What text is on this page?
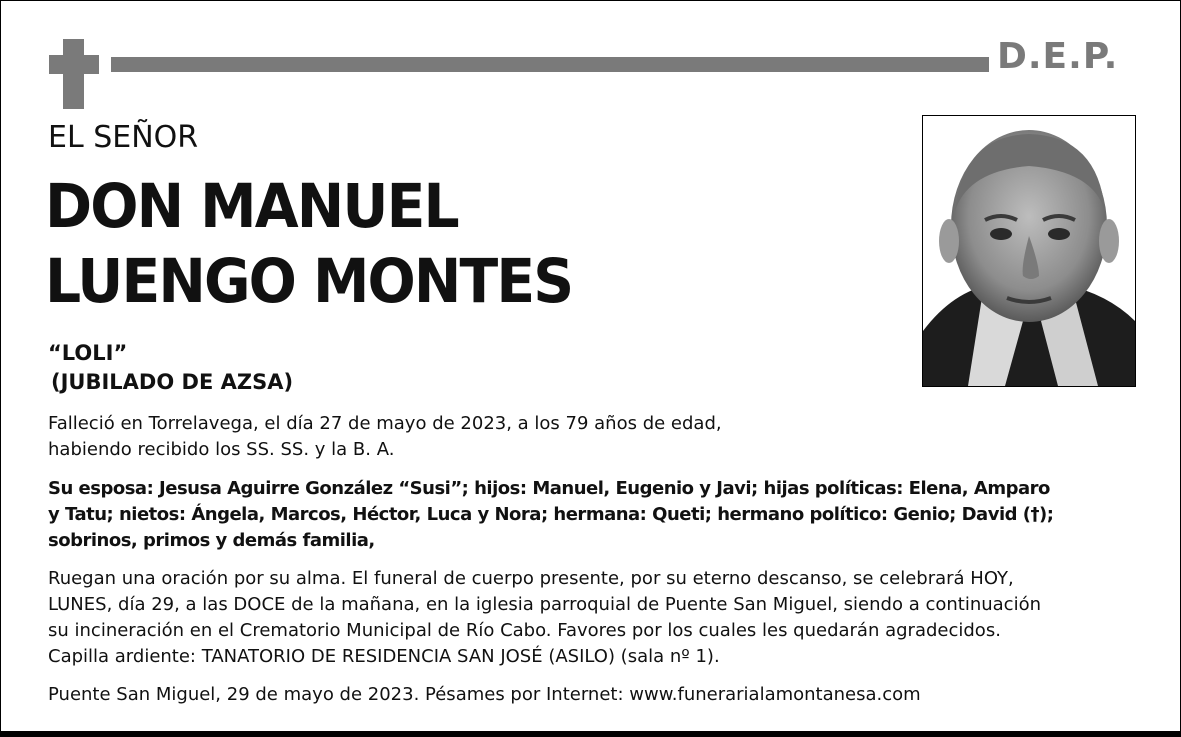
D.E.P.
EL SEÑOR
DON MANUEL
LUENGO MONTES
“LOLI”
(JUBILADO DE AZSA)
Falleció en Torrelavega, el día 27 de mayo de 2023, a los 79 años de edad,
habiendo recibido los SS. SS. y la B. A.
Su esposa: Jesusa Aguirre González “Susi”; hijos: Manuel, Eugenio y Javi; hijas políticas: Elena, Amparo
y Tatu; nietos: Ángela, Marcos, Héctor, Luca y Nora; hermana: Queti; hermano político: Genio; David (†);
sobrinos, primos y demás familia,
Ruegan una oración por su alma. El funeral de cuerpo presente, por su eterno descanso, se celebrará HOY,
LUNES, día 29, a las DOCE de la mañana, en la iglesia parroquial de Puente San Miguel, siendo a continuación
su incineración en el Crematorio Municipal de Río Cabo. Favores por los cuales les quedarán agradecidos.
Capilla ardiente: TANATORIO DE RESIDENCIA SAN JOSÉ (ASILO) (sala nº 1).
Puente San Miguel, 29 de mayo de 2023. Pésames por Internet: www.funerarialamontanesa.com
